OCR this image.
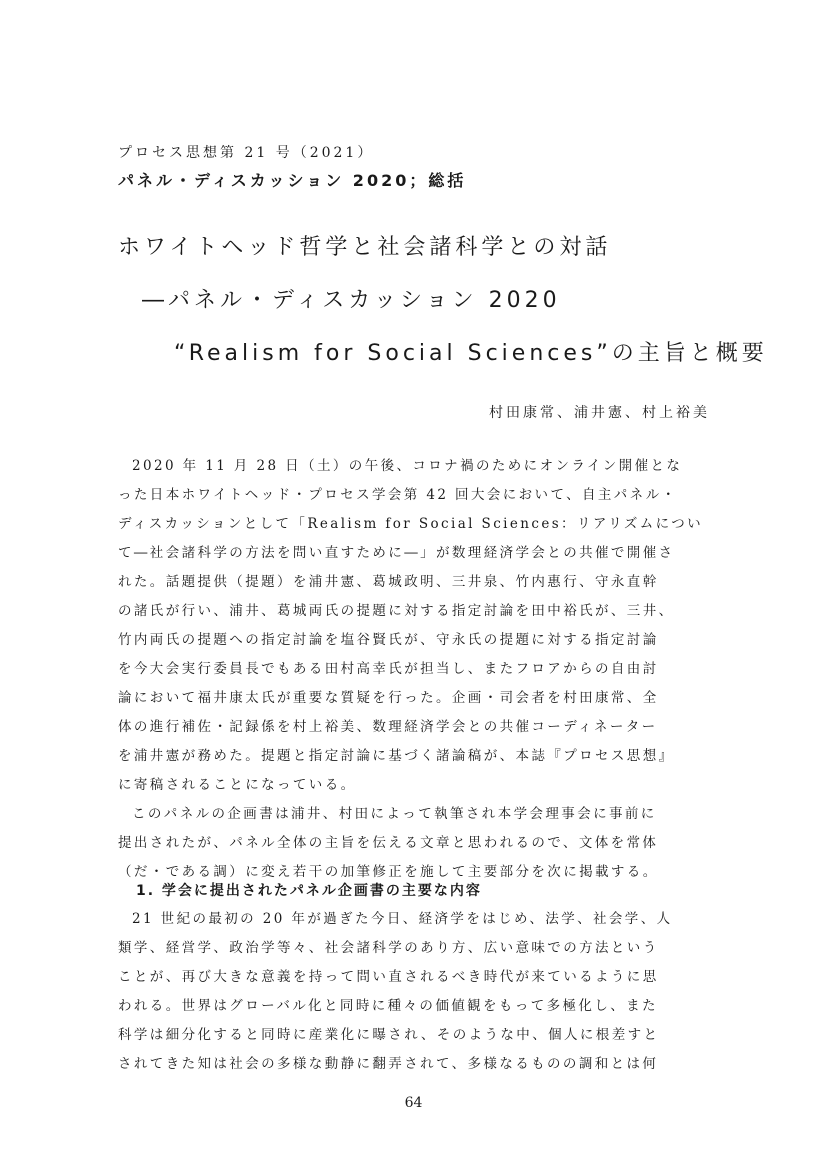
プロセス思想第 21 号（2021）
パネル・ディスカッション 2020；総括
ホワイトヘッド哲学と社会諸科学との対話
―パネル・ディスカッション 2020
“Realism for Social Sciences”の主旨と概要
村田康常、浦井憲、村上裕美
2020 年 11 月 28 日（土）の午後、コロナ禍のためにオンライン開催とな
った日本ホワイトヘッド・プロセス学会第 42 回大会において、自主パネル・
ディスカッションとして「Realism for Social Sciences：リアリズムについ
て―社会諸科学の方法を問い直すために―」が数理経済学会との共催で開催さ
れた。話題提供（提題）を浦井憲、葛城政明、三井泉、竹内惠行、守永直幹
の諸氏が行い、浦井、葛城両氏の提題に対する指定討論を田中裕氏が、三井、
竹内両氏の提題への指定討論を塩谷賢氏が、守永氏の提題に対する指定討論
を今大会実行委員長でもある田村高幸氏が担当し、またフロアからの自由討
論において福井康太氏が重要な質疑を行った。企画・司会者を村田康常、全
体の進行補佐・記録係を村上裕美、数理経済学会との共催コーディネーター
を浦井憲が務めた。提題と指定討論に基づく諸論稿が、本誌『プロセス思想』
に寄稿されることになっている。
このパネルの企画書は浦井、村田によって執筆され本学会理事会に事前に
提出されたが、パネル全体の主旨を伝える文章と思われるので、文体を常体
（だ・である調）に変え若干の加筆修正を施して主要部分を次に掲載する。
1. 学会に提出されたパネル企画書の主要な内容
21 世紀の最初の 20 年が過ぎた今日、経済学をはじめ、法学、社会学、人
類学、経営学、政治学等々、社会諸科学のあり方、広い意味での方法という
ことが、再び大きな意義を持って問い直されるべき時代が来ているように思
われる。世界はグローバル化と同時に種々の価値観をもって多極化し、また
科学は細分化すると同時に産業化に曝され、そのような中、個人に根差すと
されてきた知は社会の多様な動静に翻弄されて、多様なるものの調和とは何
64
